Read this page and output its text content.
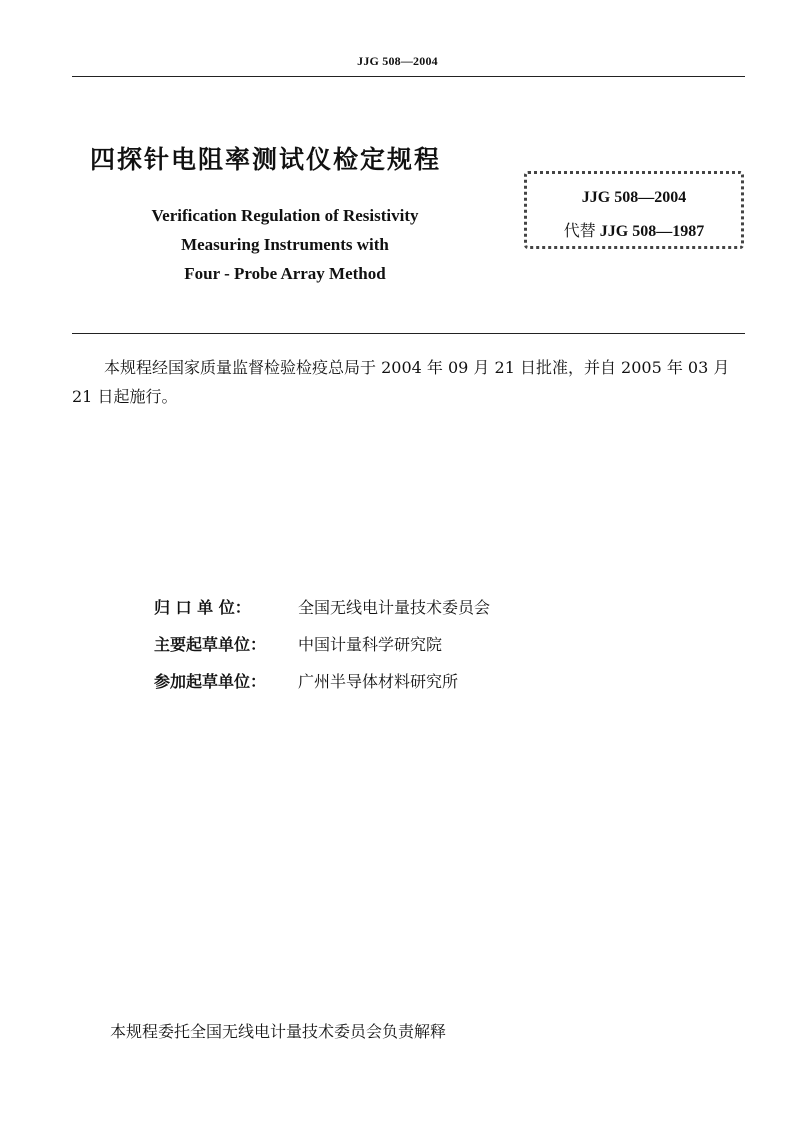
JJG 508—2004
四探针电阻率测试仪检定规程
Verification Regulation of Resistivity
Measuring Instruments with
Four - Probe Array Method
JJG 508—2004
代替 JJG 508—1987
本规程经国家质量监督检验检疫总局于 2004 年 09 月 21 日批准，并自 2005 年 03 月 21 日起施行。
归 口 单 位：	全国无线电计量技术委员会
主要起草单位：	中国计量科学研究院
参加起草单位：	广州半导体材料研究所
本规程委托全国无线电计量技术委员会负责解释
